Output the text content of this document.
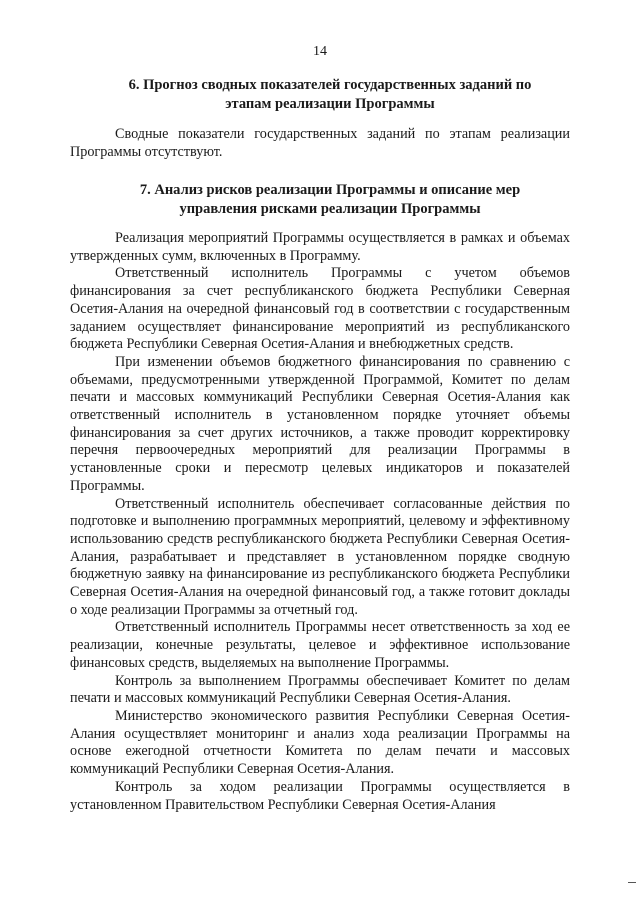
14
6. Прогноз сводных показателей государственных заданий по
этапам реализации Программы

Сводные показатели государственных заданий по этапам реализации Программы отсутствуют.

7. Анализ рисков реализации Программы и описание мер
управления рисками реализации Программы

Реализация мероприятий Программы осуществляется в рамках и объемах утвержденных сумм, включенных в Программу.

Ответственный исполнитель Программы с учетом объемов финансирования за счет республиканского бюджета Республики Северная Осетия-Алания на очередной финансовый год в соответствии с государственным заданием осуществляет финансирование мероприятий из республиканского бюджета Республики Северная Осетия-Алания и внебюджетных средств.

При изменении объемов бюджетного финансирования по сравнению с объемами, предусмотренными утвержденной Программой, Комитет по делам печати и массовых коммуникаций Республики Северная Осетия-Алания как ответственный исполнитель в установленном порядке уточняет объемы финансирования за счет других источников, а также проводит корректировку перечня первоочередных мероприятий для реализации Программы в установленные сроки и пересмотр целевых индикаторов и показателей Программы.

Ответственный исполнитель обеспечивает согласованные действия по подготовке и выполнению программных мероприятий, целевому и эффективному использованию средств республиканского бюджета Республики Северная Осетия-Алания, разрабатывает и представляет в установленном порядке сводную бюджетную заявку на финансирование из республиканского бюджета Республики Северная Осетия-Алания на очередной финансовый год, а также готовит доклады о ходе реализации Программы за отчетный год.

Ответственный исполнитель Программы несет ответственность за ход ее реализации, конечные результаты, целевое и эффективное использование финансовых средств, выделяемых на выполнение Программы.

Контроль за выполнением Программы обеспечивает Комитет по делам печати и массовых коммуникаций Республики Северная Осетия-Алания.

Министерство экономического развития Республики Северная Осетия-Алания осуществляет мониторинг и анализ хода реализации Программы на основе ежегодной отчетности Комитета по делам печати и массовых коммуникаций Республики Северная Осетия-Алания.

Контроль за ходом реализации Программы осуществляется в установленном Правительством Республики Северная Осетия-Алания
